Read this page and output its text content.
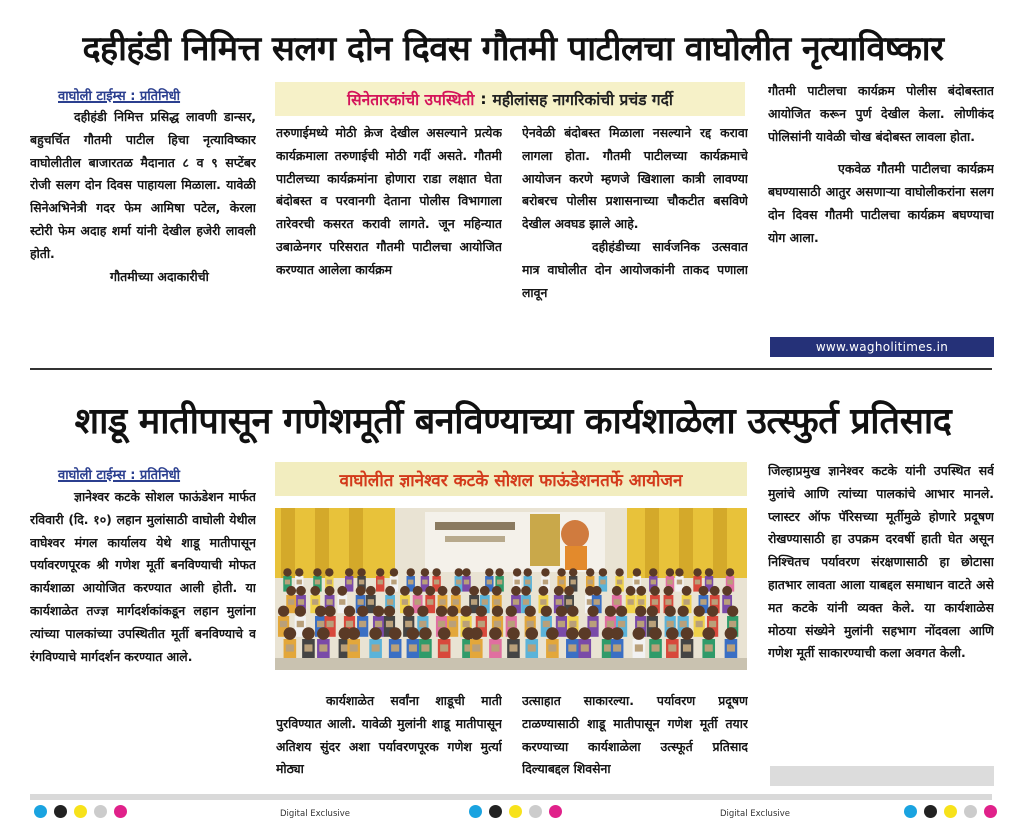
दहीहंडी निमित्त सलग दोन दिवस गौतमी पाटीलचा वाघोलीत नृत्याविष्कार
वाघोली टाईम्स : प्रतिनिधी	सिनेतारकांची उपस्थिती : महीलांसह नागरिकांची प्रचंड गर्दी

दहीहंडी निमित्त प्रसिद्ध लावणी डान्सर, बहुचर्चित गौतमी पाटील हिचा नृत्याविष्कार वाघोलीतील बाजारतळ मैदानात ८ व ९ सप्टेंबर रोजी सलग दोन दिवस पाहायला मिळाला. यावेळी सिनेअभिनेत्री गदर फेम आमिषा पटेल, केरला स्टोरी फेम अदाह शर्मा यांनी देखील हजेरी लावली होती.

गौतमीच्या अदाकारीची

तरुणाईमध्ये मोठी क्रेज देखील असल्याने प्रत्येक कार्यक्रमाला तरुणाईची मोठी गर्दी असते. गौतमी पाटीलच्या कार्यक्रमांना होणारा राडा लक्षात घेता बंदोबस्त व परवानगी देताना पोलीस विभागाला तारेवरची कसरत करावी लागते. जून महिन्यात उबाळेनगर परिसरात गौतमी पाटीलचा आयोजित करण्यात आलेला कार्यक्रम

ऐनवेळी बंदोबस्त मिळाला नसल्याने रद्द करावा लागला होता. गौतमी पाटीलच्या कार्यक्रमाचे आयोजन करणे म्हणजे खिशाला कात्री लावण्या बरोबरच पोलीस प्रशासनाच्या चौकटीत बसविणे देखील अवघड झाले आहे.

दहीहंडीच्या सार्वजनिक उत्सवात मात्र वाघोलीत दोन आयोजकांनी ताकद पणाला लावून

गौतमी पाटीलचा कार्यक्रम पोलीस बंदोबस्तात आयोजित करून पुर्ण देखील केला. लोणीकंद पोलिसांनी यावेळी चोख बंदोबस्त लावला होता.

एकवेळ गौतमी पाटीलचा कार्यक्रम बघण्यासाठी आतुर असणाऱ्या वाघोलीकरांना सलग दोन दिवस गौतमी पाटीलचा कार्यक्रम बघण्याचा योग आला.

www.wagholitimes.in
शाडू मातीपासून गणेशमूर्ती बनविण्याच्या कार्यशाळेला उत्स्फुर्त प्रतिसाद
वाघोली टाईम्स : प्रतिनिधी	वाघोलीत ज्ञानेश्वर कटके सोशल फाऊंडेशनतर्फे आयोजन

ज्ञानेश्वर कटके सोशल फाऊंडेशन मार्फत रविवारी (दि. १०) लहान मुलांसाठी वाघोली येथील वाघेश्वर मंगल कार्यालय येथे शाडू मातीपासून पर्यावरणपूरक श्री गणेश मूर्ती बनविण्याची मोफत कार्यशाळा आयोजित करण्यात आली होती. या कार्यशाळेत तज्ज्ञ मार्गदर्शकांकडून लहान मुलांना त्यांच्या पालकांच्या उपस्थितीत मूर्ती बनविण्याचे व रंगविण्याचे मार्गदर्शन करण्यात आले.

कार्यशाळेत सर्वांना शाडूची माती पुरविण्यात आली. यावेळी मुलांनी शाडू मातीपासून अतिशय सुंदर अशा पर्यावरणपूरक गणेश मुर्त्या मोठ्या

उत्साहात साकारल्या. पर्यावरण प्रदूषण टाळण्यासाठी शाडू मातीपासून गणेश मूर्ती तयार करण्याच्या कार्यशाळेला उत्स्फूर्त प्रतिसाद दिल्याबद्दल शिवसेना

जिल्हाप्रमुख ज्ञानेश्वर कटके यांनी उपस्थित सर्व मुलांचे आणि त्यांच्या पालकांचे आभार मानले. प्लास्टर ऑफ पॅरिसच्या मूर्तीमुळे होणारे प्रदूषण रोखण्यासाठी हा उपक्रम दरवर्षी हाती घेत असून निश्चितच पर्यावरण संरक्षणासाठी हा छोटासा हातभार लावता आला याबद्दल समाधान वाटते असे मत कटके यांनी व्यक्त केले. या कार्यशाळेस मोठया संख्येने मुलांनी सहभाग नोंदवला आणि गणेश मूर्ती साकारण्याची कला अवगत केली.

Digital Exclusive	Digital Exclusive
